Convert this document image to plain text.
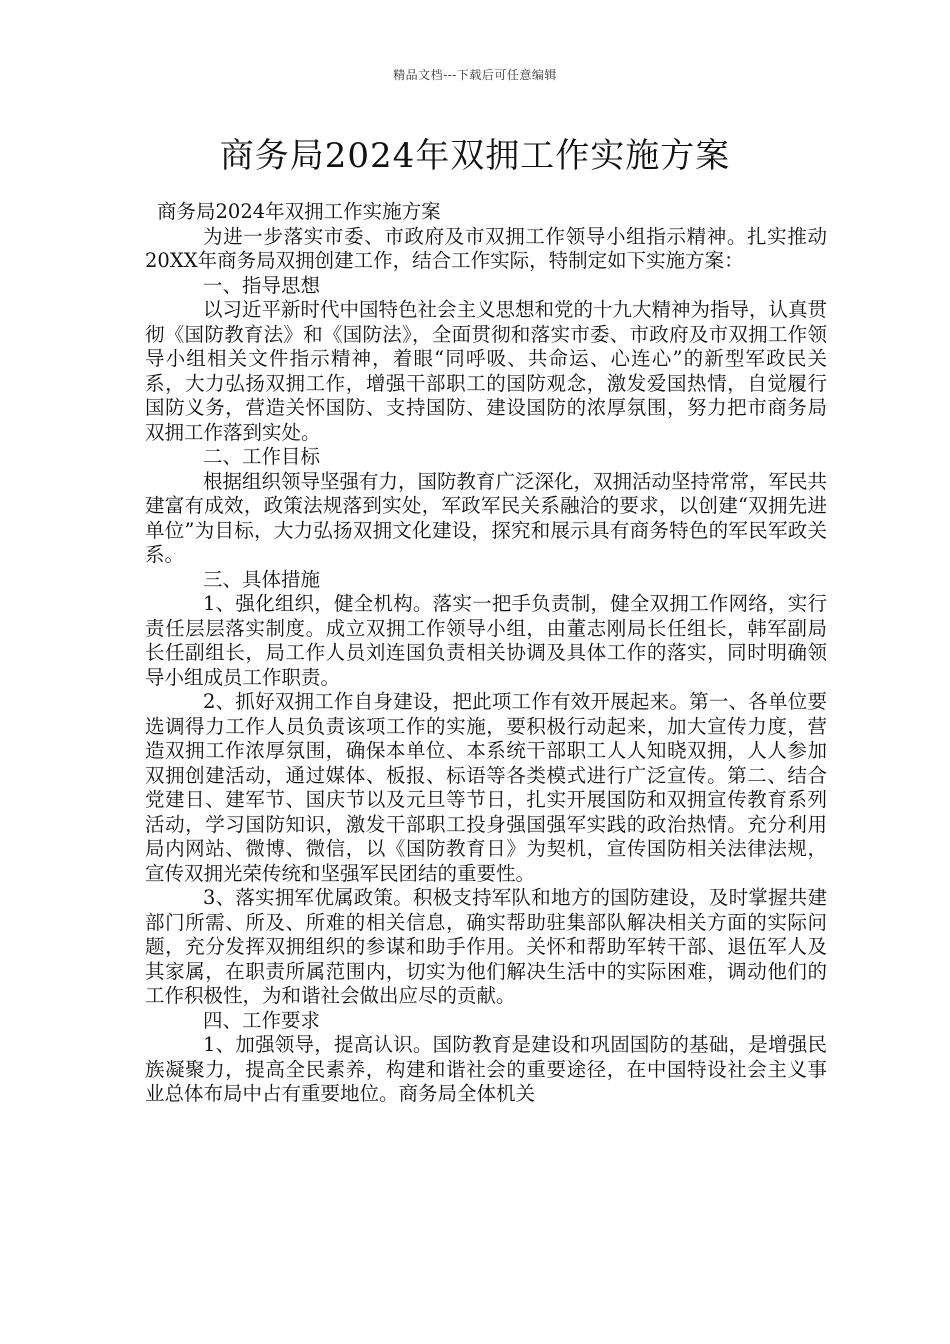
精品文档---下载后可任意编辑
商务局2024年双拥工作实施方案

商务局2024年双拥工作实施方案

为进一步落实市委、市政府及市双拥工作领导小组指示精神。扎实推动20XX年商务局双拥创建工作，结合工作实际，特制定如下实施方案：

一、指导思想

以习近平新时代中国特色社会主义思想和党的十九大精神为指导，认真贯彻《国防教育法》和《国防法》，全面贯彻和落实市委、市政府及市双拥工作领导小组相关文件指示精神，着眼“同呼吸、共命运、心连心”的新型军政民关系，大力弘扬双拥工作，增强干部职工的国防观念，激发爱国热情，自觉履行国防义务，营造关怀国防、支持国防、建设国防的浓厚氛围，努力把市商务局双拥工作落到实处。

二、工作目标

根据组织领导坚强有力，国防教育广泛深化，双拥活动坚持常常，军民共建富有成效，政策法规落到实处，军政军民关系融洽的要求，以创建“双拥先进单位”为目标，大力弘扬双拥文化建设，探究和展示具有商务特色的军民军政关系。

三、具体措施

1、强化组织，健全机构。落实一把手负责制，健全双拥工作网络，实行责任层层落实制度。成立双拥工作领导小组，由董志刚局长任组长，韩军副局长任副组长，局工作人员刘连国负责相关协调及具体工作的落实，同时明确领导小组成员工作职责。

2、抓好双拥工作自身建设，把此项工作有效开展起来。第一、各单位要选调得力工作人员负责该项工作的实施，要积极行动起来，加大宣传力度，营造双拥工作浓厚氛围，确保本单位、本系统干部职工人人知晓双拥，人人参加双拥创建活动，通过媒体、板报、标语等各类模式进行广泛宣传。第二、结合党建日、建军节、国庆节以及元旦等节日，扎实开展国防和双拥宣传教育系列活动，学习国防知识，激发干部职工投身强国强军实践的政治热情。充分利用局内网站、微博、微信，以《国防教育日》为契机，宣传国防相关法律法规，宣传双拥光荣传统和坚强军民团结的重要性。

3、落实拥军优属政策。积极支持军队和地方的国防建设，及时掌握共建部门所需、所及、所难的相关信息，确实帮助驻集部队解决相关方面的实际问题，充分发挥双拥组织的参谋和助手作用。关怀和帮助军转干部、退伍军人及其家属，在职责所属范围内，切实为他们解决生活中的实际困难，调动他们的工作积极性，为和谐社会做出应尽的贡献。

四、工作要求

1、加强领导，提高认识。国防教育是建设和巩固国防的基础，是增强民族凝聚力，提高全民素养，构建和谐社会的重要途径，在中国特设社会主义事业总体布局中占有重要地位。商务局全体机关
